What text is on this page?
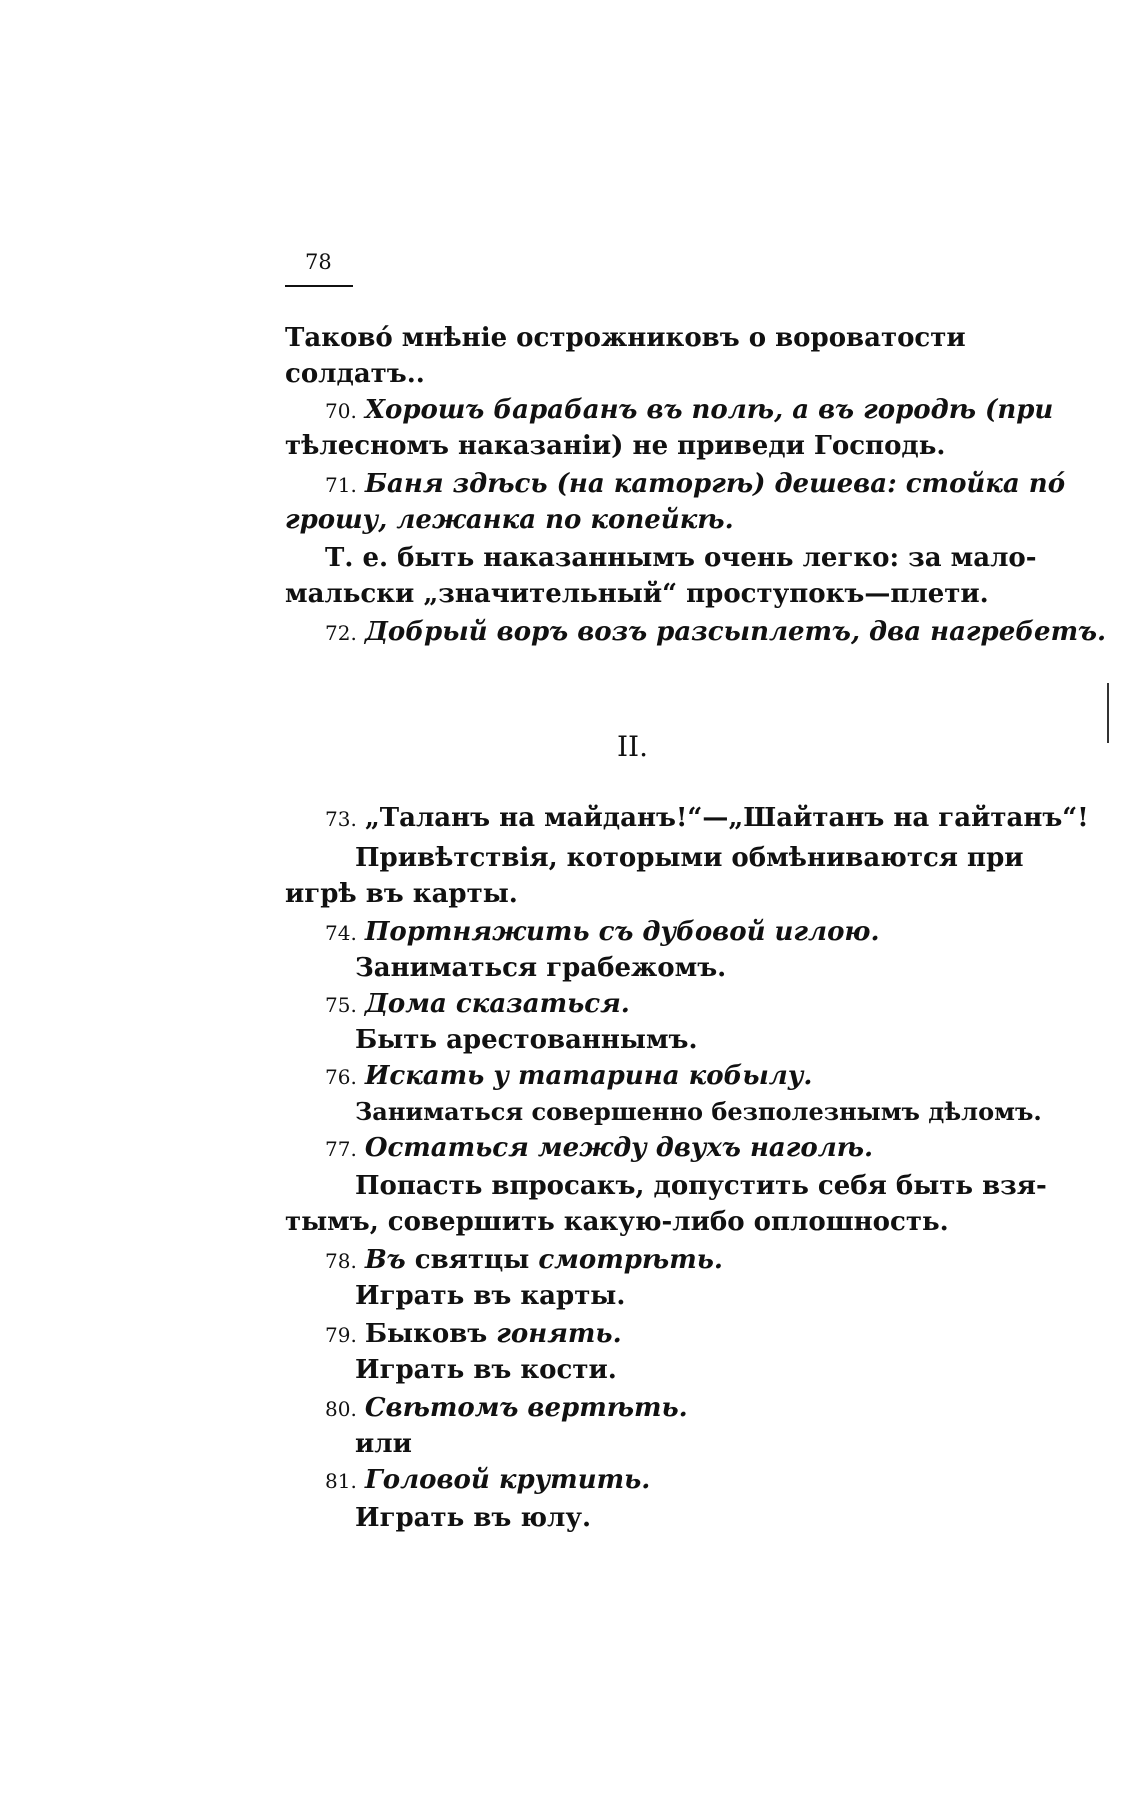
78
Таково́ мнѣніе острожниковъ о вороватости
солдатъ..
70. Хорошъ барабанъ въ полѣ, а въ городѣ (при
тѣлесномъ наказаніи) не приведи Господь.
71. Баня здѣсь (на каторгѣ) дешева: стойка по́
грошу, лежанка по копейкѣ.
Т. е. быть наказаннымъ очень легко: за мало-
мальски „значительный“ проступокъ—плети.
72. Добрый воръ возъ разсыплетъ, два нагребетъ.
73. „Таланъ на майданъ!“—„Шайтанъ на гайтанъ“!
Привѣтствія, которыми обмѣниваются при
игрѣ въ карты.
74. Портняжить съ дубовой иглою.
Заниматься грабежомъ.
75. Дома сказаться.
Быть арестованнымъ.
76. Искать у татарина кобылу.
Заниматься совершенно безполезнымъ дѣломъ.
77. Остаться между двухъ наголѣ.
Попасть впросакъ, допустить себя быть взя-
тымъ, совершить какую-либо оплошность.
78. Въ святцы смотрѣть.
Играть въ карты.
79. Быковъ гонять.
Играть въ кости.
80. Свѣтомъ вертѣть.
или
81. Головой крутить.
Играть въ юлу.
II.
